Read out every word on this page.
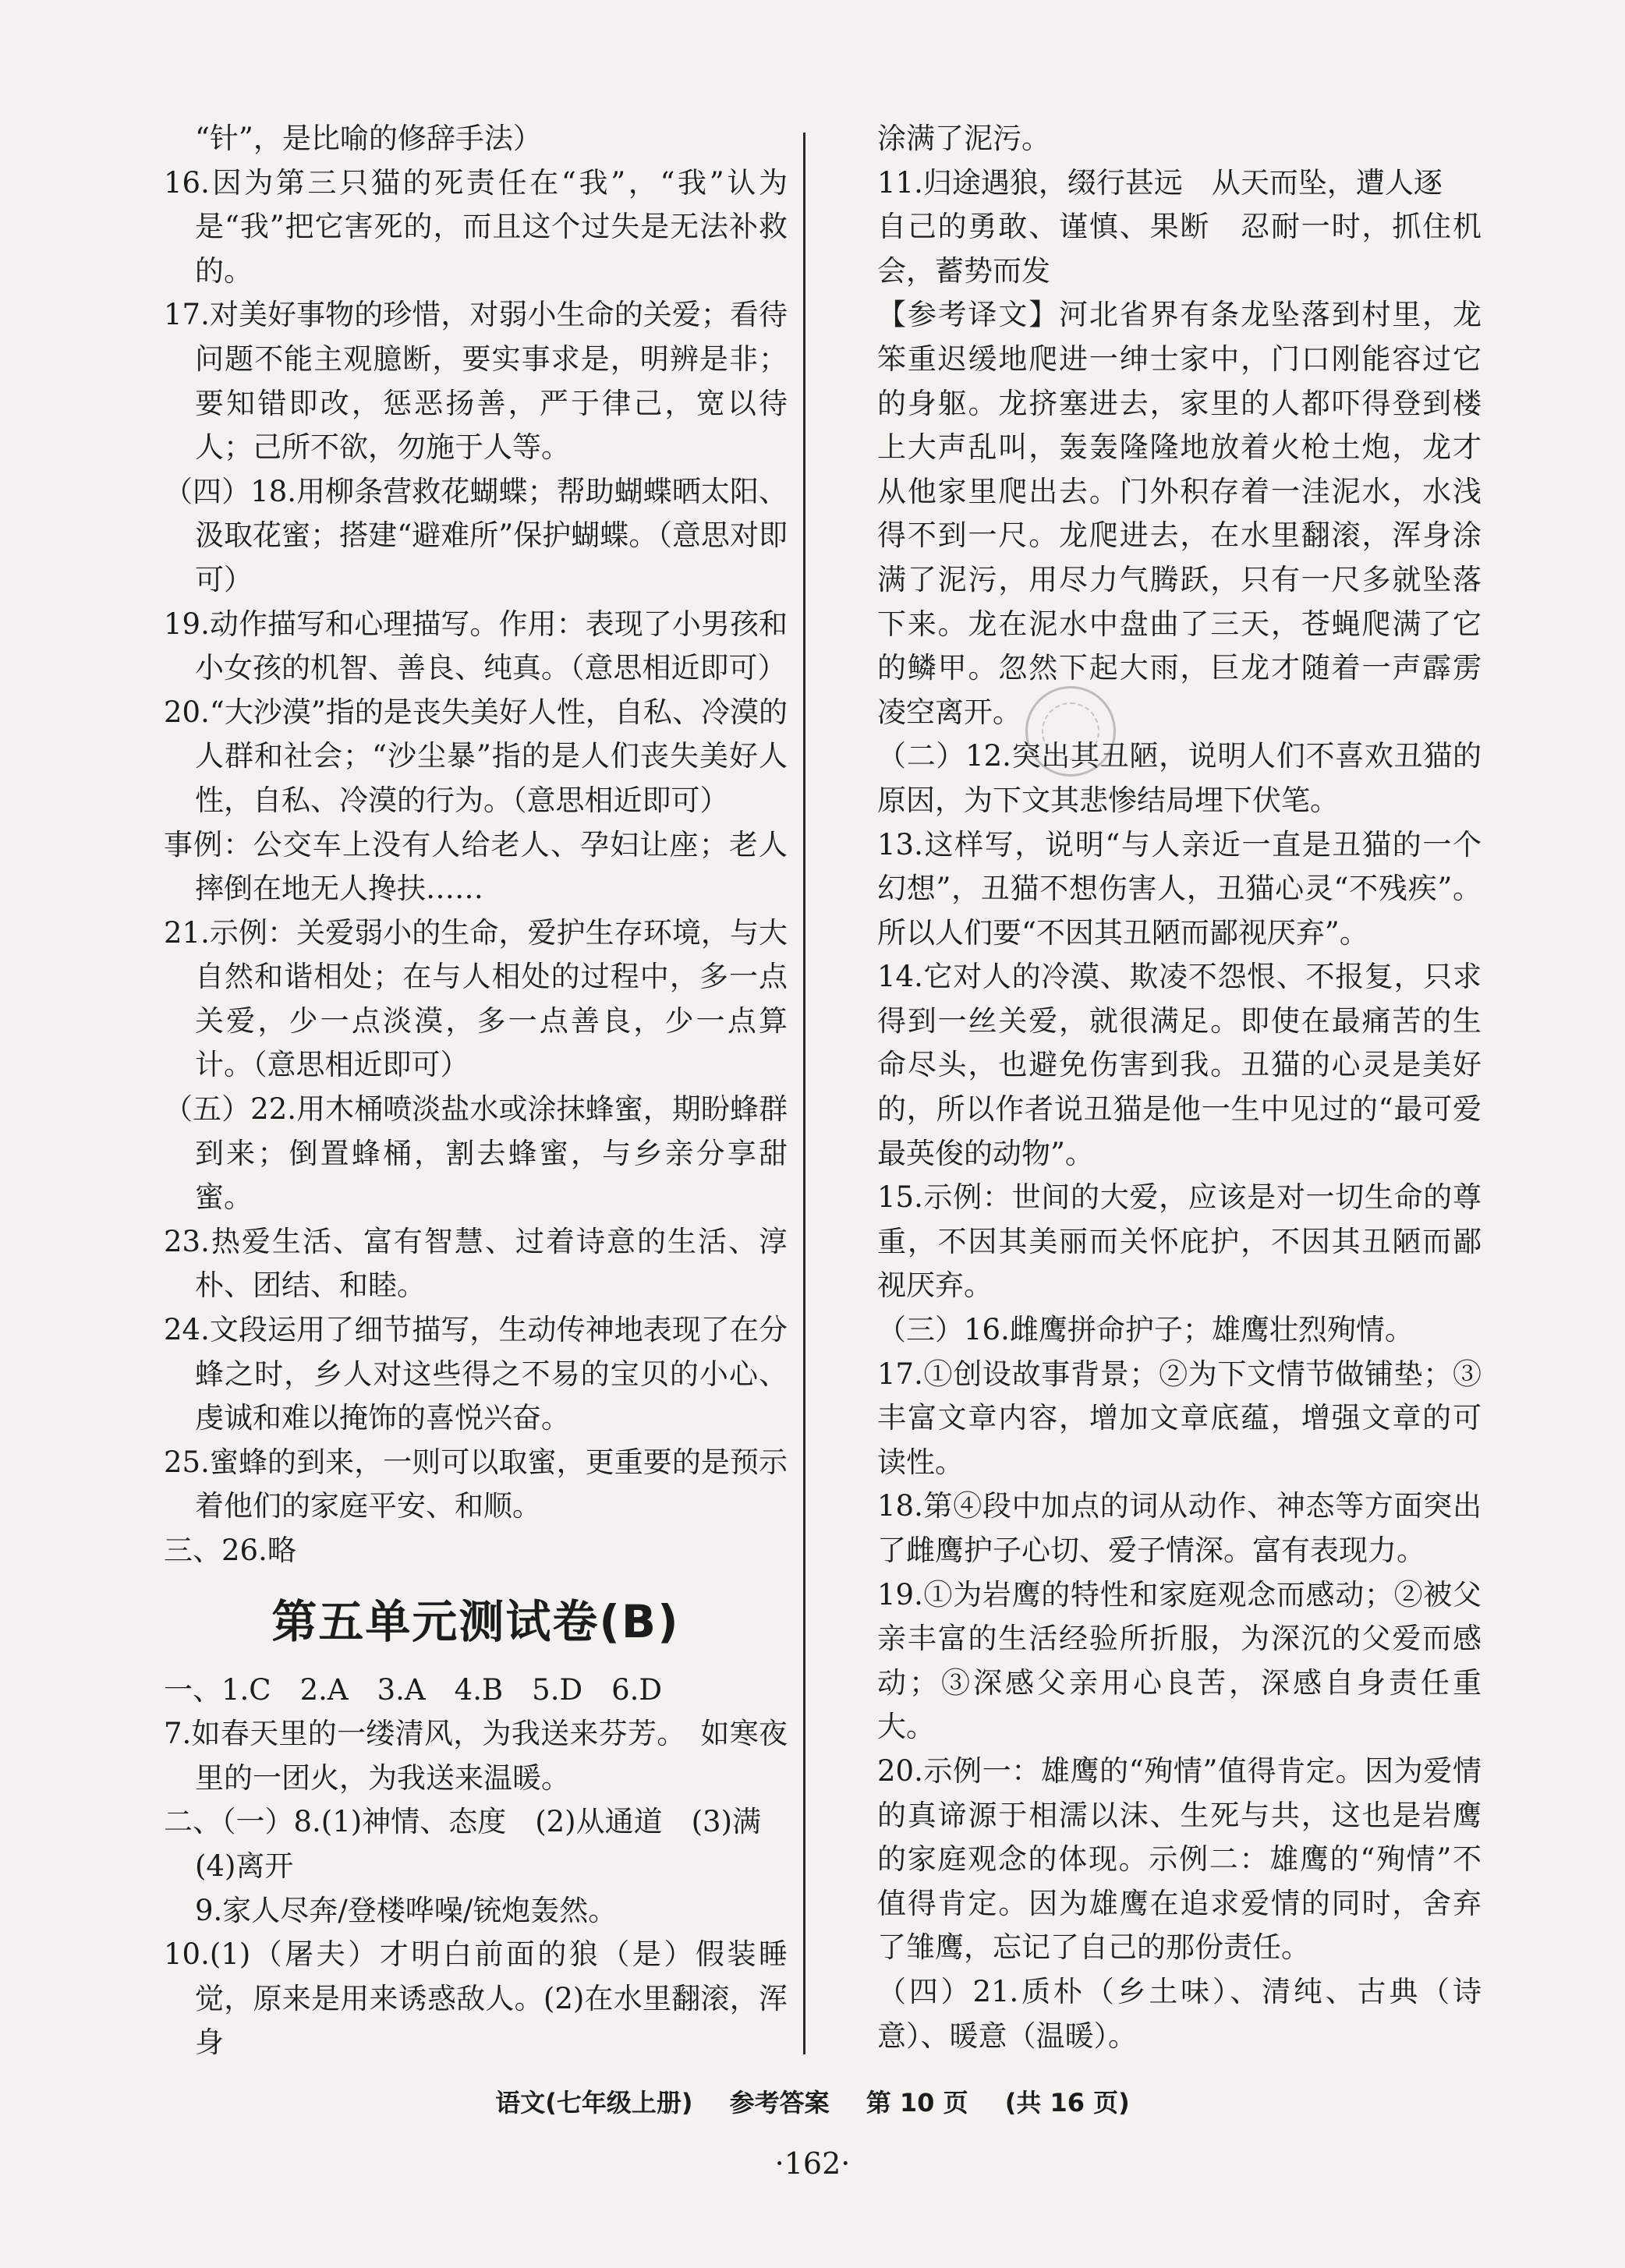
“针”，是比喻的修辞手法）

16.因为第三只猫的死责任在“我”，“我”认为是“我”把它害死的，而且这个过失是无法补救的。

17.对美好事物的珍惜，对弱小生命的关爱；看待问题不能主观臆断，要实事求是，明辨是非；要知错即改，惩恶扬善，严于律己，宽以待人；己所不欲，勿施于人等。

（四）18.用柳条营救花蝴蝶；帮助蝴蝶晒太阳、汲取花蜜；搭建“避难所”保护蝴蝶。（意思对即可）

19.动作描写和心理描写。作用：表现了小男孩和小女孩的机智、善良、纯真。（意思相近即可）

20.“大沙漠”指的是丧失美好人性，自私、冷漠的人群和社会；“沙尘暴”指的是人们丧失美好人性，自私、冷漠的行为。（意思相近即可）

事例：公交车上没有人给老人、孕妇让座；老人摔倒在地无人搀扶……

21.示例：关爱弱小的生命，爱护生存环境，与大自然和谐相处；在与人相处的过程中，多一点关爱，少一点淡漠，多一点善良，少一点算计。（意思相近即可）

（五）22.用木桶喷淡盐水或涂抹蜂蜜，期盼蜂群到来；倒置蜂桶，割去蜂蜜，与乡亲分享甜蜜。

23.热爱生活、富有智慧、过着诗意的生活、淳朴、团结、和睦。

24.文段运用了细节描写，生动传神地表现了在分蜂之时，乡人对这些得之不易的宝贝的小心、虔诚和难以掩饰的喜悦兴奋。

25.蜜蜂的到来，一则可以取蜜，更重要的是预示着他们的家庭平安、和顺。

三、26.略

第五单元测试卷(B)

一、1.C　2.A　3.A　4.B　5.D　6.D

7.如春天里的一缕清风，为我送来芬芳。　如寒夜里的一团火，为我送来温暖。

二、（一）8.(1)神情、态度　(2)从通道　(3)满

(4)离开

9.家人尽奔/登楼哗噪/铳炮轰然。

10.(1)（屠夫）才明白前面的狼（是）假装睡觉，原来是用来诱惑敌人。(2)在水里翻滚，浑身

涂满了泥污。

11.归途遇狼，缀行甚远　从天而坠，遭人逐

自己的勇敢、谨慎、果断　忍耐一时，抓住机会，蓄势而发

【参考译文】河北省界有条龙坠落到村里，龙笨重迟缓地爬进一绅士家中，门口刚能容过它的身躯。龙挤塞进去，家里的人都吓得登到楼上大声乱叫，轰轰隆隆地放着火枪土炮，龙才从他家里爬出去。门外积存着一洼泥水，水浅得不到一尺。龙爬进去，在水里翻滚，浑身涂满了泥污，用尽力气腾跃，只有一尺多就坠落下来。龙在泥水中盘曲了三天，苍蝇爬满了它的鳞甲。忽然下起大雨，巨龙才随着一声霹雳凌空离开。

（二）12.突出其丑陋，说明人们不喜欢丑猫的原因，为下文其悲惨结局埋下伏笔。

13.这样写，说明“与人亲近一直是丑猫的一个幻想”，丑猫不想伤害人，丑猫心灵“不残疾”。所以人们要“不因其丑陋而鄙视厌弃”。

14.它对人的冷漠、欺凌不怨恨、不报复，只求得到一丝关爱，就很满足。即使在最痛苦的生命尽头，也避免伤害到我。丑猫的心灵是美好的，所以作者说丑猫是他一生中见过的“最可爱最英俊的动物”。

15.示例：世间的大爱，应该是对一切生命的尊重，不因其美丽而关怀庇护，不因其丑陋而鄙视厌弃。

（三）16.雌鹰拼命护子；雄鹰壮烈殉情。

17.①创设故事背景；②为下文情节做铺垫；③丰富文章内容，增加文章底蕴，增强文章的可读性。

18.第④段中加点的词从动作、神态等方面突出了雌鹰护子心切、爱子情深。富有表现力。

19.①为岩鹰的特性和家庭观念而感动；②被父亲丰富的生活经验所折服，为深沉的父爱而感动；③深感父亲用心良苦，深感自身责任重大。

20.示例一：雄鹰的“殉情”值得肯定。因为爱情的真谛源于相濡以沫、生死与共，这也是岩鹰的家庭观念的体现。示例二：雄鹰的“殉情”不值得肯定。因为雄鹰在追求爱情的同时，舍弃了雏鹰，忘记了自己的那份责任。

（四）21.质朴（乡土味）、清纯、古典（诗意）、暖意（温暖）。

语文(七年级上册) 参考答案 第 10 页 (共 16 页)
·162·
